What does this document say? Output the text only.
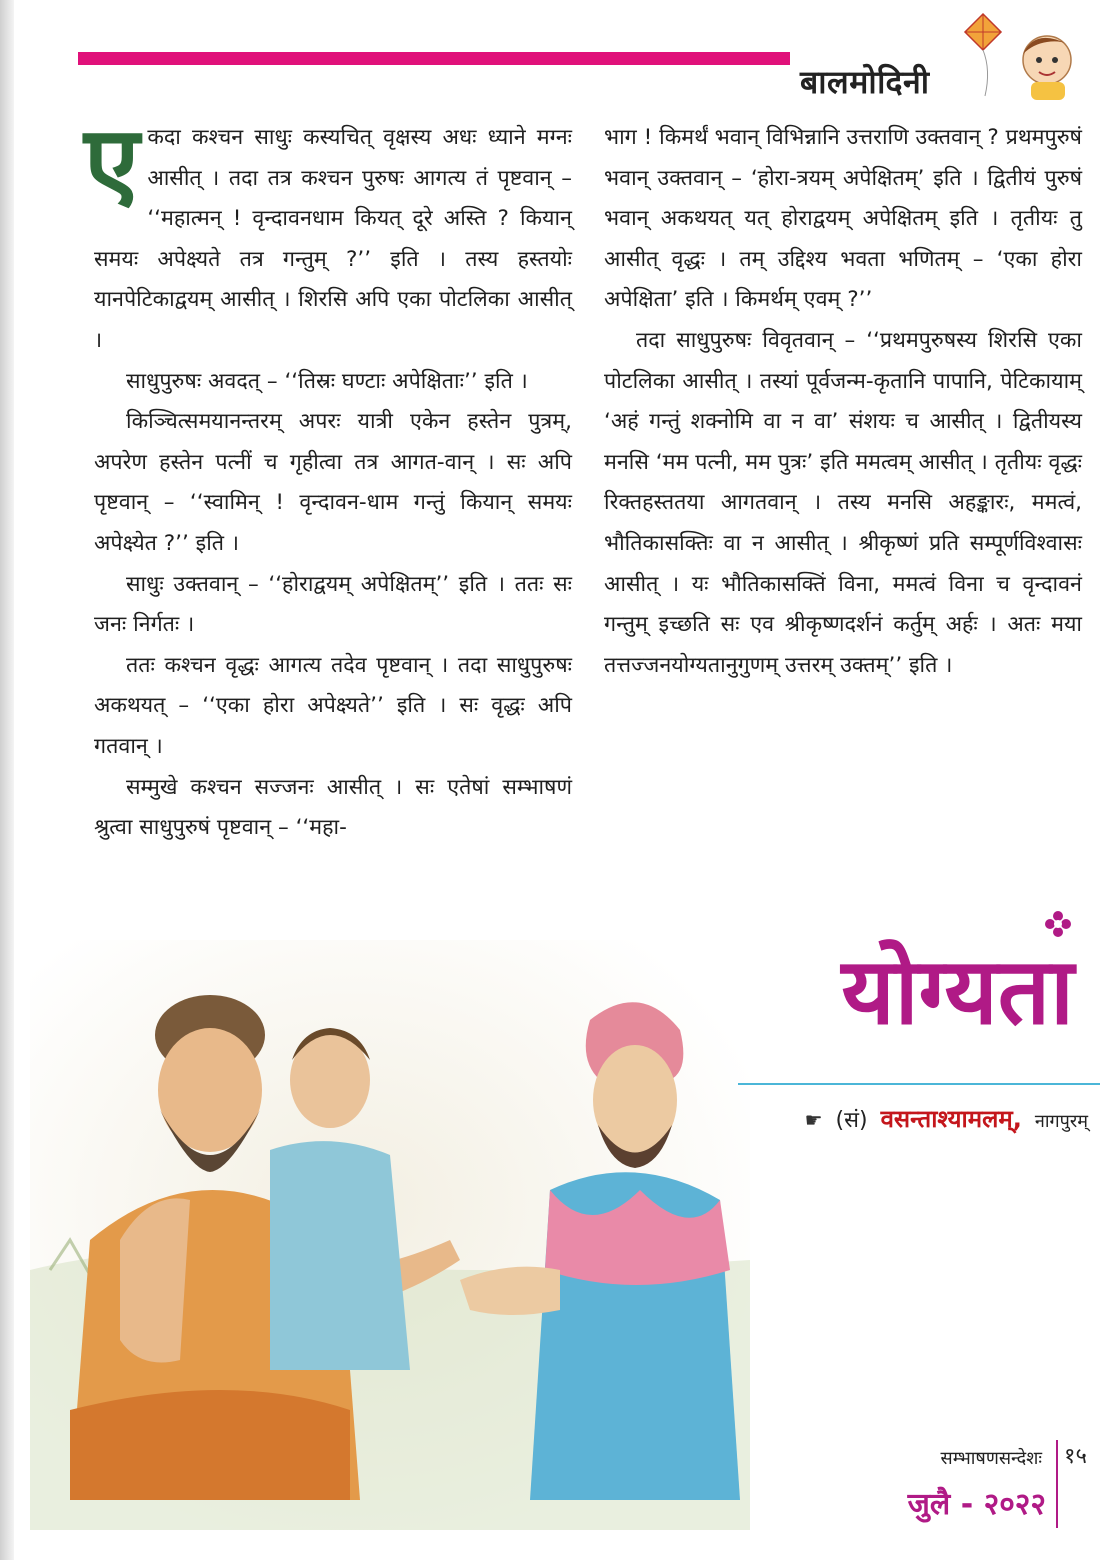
बालमोदिनी

एकदा कश्चन साधुः कस्यचित् वृक्षस्य अधः ध्याने मग्नः आसीत् । तदा तत्र कश्चन पुरुषः आगत्य तं पृष्टवान् – ‘‘महात्मन् ! वृन्दावनधाम कियत् दूरे अस्ति ? कियान् समयः अपेक्ष्यते तत्र गन्तुम् ?’’ इति । तस्य हस्तयोः यानपेटिकाद्वयम् आसीत् । शिरसि अपि एका पोटलिका आसीत् ।

साधुपुरुषः अवदत् – ‘‘तिस्रः घण्टाः अपेक्षिताः’’ इति ।

किञ्चित्समयानन्तरम् अपरः यात्री एकेन हस्तेन पुत्रम्, अपरेण हस्तेन पत्नीं च गृहीत्वा तत्र आगत-वान् । सः अपि पृष्टवान् – ‘‘स्वामिन् ! वृन्दावन-धाम गन्तुं कियान् समयः अपेक्ष्येत ?’’ इति ।

साधुः उक्तवान् – ‘‘होराद्वयम् अपेक्षितम्’’ इति । ततः सः जनः निर्गतः ।

ततः कश्चन वृद्धः आगत्य तदेव पृष्टवान् । तदा साधुपुरुषः अकथयत् – ‘‘एका होरा अपेक्ष्यते’’ इति । सः वृद्धः अपि गतवान् ।

सम्मुखे कश्चन सज्जनः आसीत् । सः एतेषां सम्भाषणं श्रुत्वा साधुपुरुषं पृष्टवान् – ‘‘महा-

भाग ! किमर्थं भवान् विभिन्नानि उत्तराणि उक्तवान् ? प्रथमपुरुषं भवान् उक्तवान् – ‘होरा-त्रयम् अपेक्षितम्’ इति । द्वितीयं पुरुषं भवान् अकथयत् यत् होराद्वयम् अपेक्षितम् इति । तृतीयः तु आसीत् वृद्धः । तम् उद्दिश्य भवता भणितम् – ‘एका होरा अपेक्षिता’ इति । किमर्थम् एवम् ?’’

तदा साधुपुरुषः विवृतवान् – ‘‘प्रथमपुरुषस्य शिरसि एका पोटलिका आसीत् । तस्यां पूर्वजन्म-कृतानि पापानि, पेटिकायाम् ‘अहं गन्तुं शक्नोमि वा न वा’ संशयः च आसीत् । द्वितीयस्य मनसि ‘मम पत्नी, मम पुत्रः’ इति ममत्वम् आसीत् । तृतीयः वृद्धः रिक्तहस्ततया आगतवान् । तस्य मनसि अहङ्कारः, ममत्वं, भौतिकासक्तिः वा न आसीत् । श्रीकृष्णं प्रति सम्पूर्णविश्वासः आसीत् । यः भौतिकासक्तिं विना, ममत्वं विना च वृन्दावनं गन्तुम् इच्छति सः एव श्रीकृष्णदर्शनं कर्तुम् अर्हः । अतः मया तत्तज्जनयोग्यतानुगुणम् उत्तरम् उक्तम्’’ इति ।

योग्यता
☛ (सं) वसन्ताश्यामलम्, नागपुरम्
सम्भाषणसन्देशः १५
जुलै - २०२२
